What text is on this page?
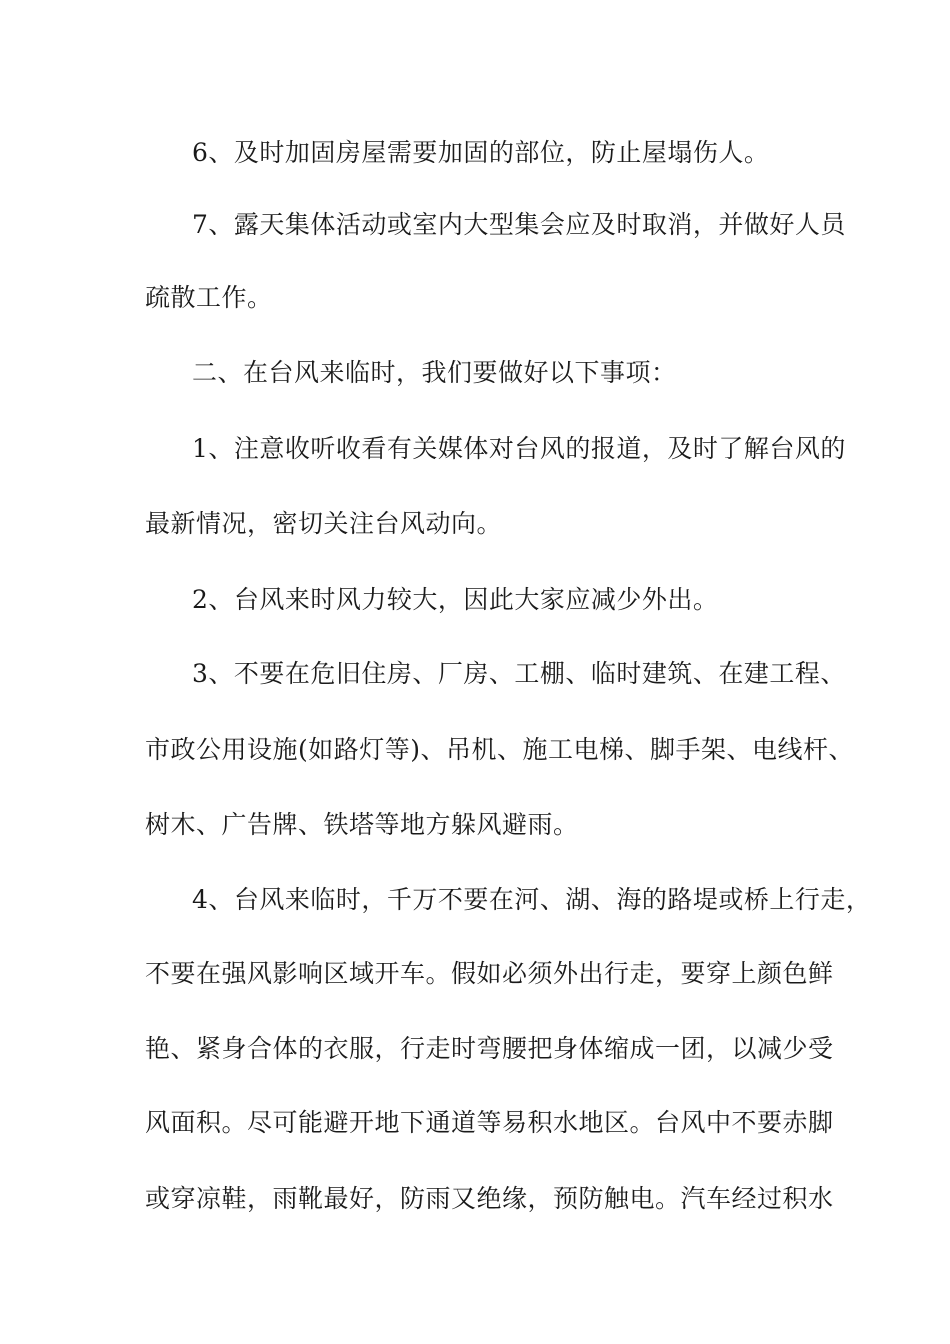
6、及时加固房屋需要加固的部位，防止屋塌伤人。
7、露天集体活动或室内大型集会应及时取消，并做好人员
疏散工作。
二、在台风来临时，我们要做好以下事项：
1、注意收听收看有关媒体对台风的报道，及时了解台风的
最新情况，密切关注台风动向。
2、台风来时风力较大，因此大家应减少外出。
3、不要在危旧住房、厂房、工棚、临时建筑、在建工程、
市政公用设施(如路灯等)、吊机、施工电梯、脚手架、电线杆、
树木、广告牌、铁塔等地方躲风避雨。
4、台风来临时，千万不要在河、湖、海的路堤或桥上行走，
不要在强风影响区域开车。假如必须外出行走，要穿上颜色鲜
艳、紧身合体的衣服，行走时弯腰把身体缩成一团，以减少受
风面积。尽可能避开地下通道等易积水地区。台风中不要赤脚
或穿凉鞋，雨靴最好，防雨又绝缘，预防触电。汽车经过积水
